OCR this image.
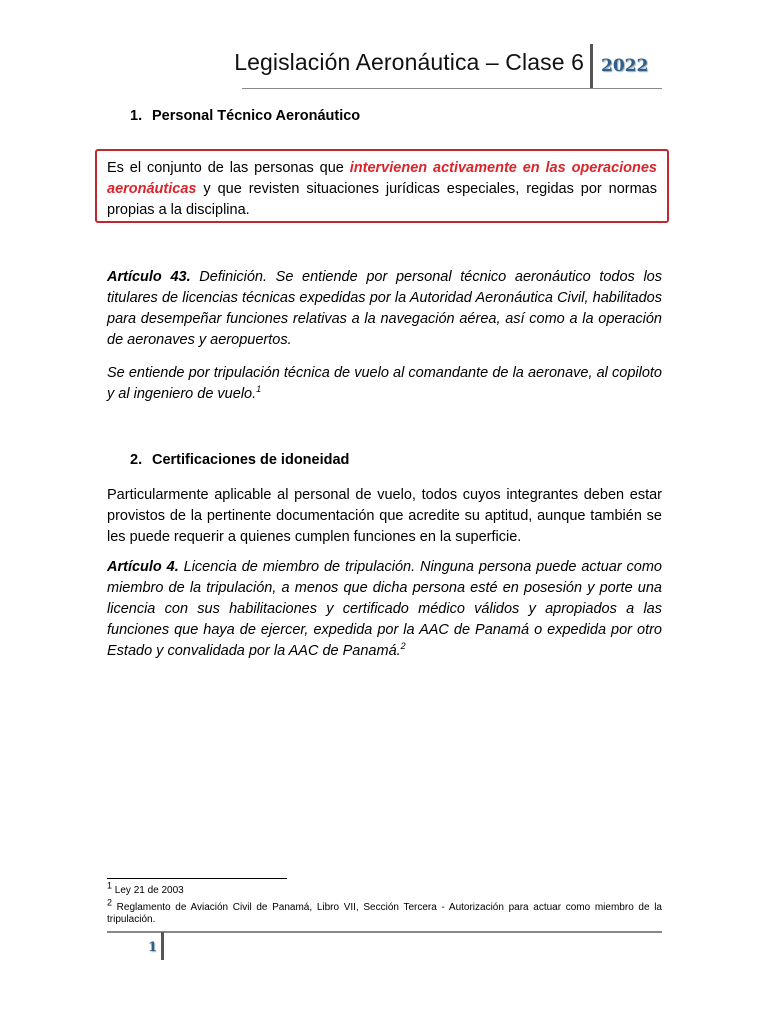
Legislación Aeronáutica – Clase 6 2022
1. Personal Técnico Aeronáutico
Es el conjunto de las personas que intervienen activamente en las operaciones aeronáuticas y que revisten situaciones jurídicas especiales, regidas por normas propias a la disciplina.

Artículo 43. Definición. Se entiende por personal técnico aeronáutico todos los titulares de licencias técnicas expedidas por la Autoridad Aeronáutica Civil, habilitados para desempeñar funciones relativas a la navegación aérea, así como a la operación de aeronaves y aeropuertos.

Se entiende por tripulación técnica de vuelo al comandante de la aeronave, al copiloto y al ingeniero de vuelo.$^1$

2. Certificaciones de idoneidad

Particularmente aplicable al personal de vuelo, todos cuyos integrantes deben estar provistos de la pertinente documentación que acredite su aptitud, aunque también se les puede requerir a quienes cumplen funciones en la superficie.

Artículo 4. Licencia de miembro de tripulación. Ninguna persona puede actuar como miembro de la tripulación, a menos que dicha persona esté en posesión y porte una licencia con sus habilitaciones y certificado médico válidos y apropiados a las funciones que haya de ejercer, expedida por la AAC de Panamá o expedida por otro Estado y convalidada por la AAC de Panamá.$^2$

$^1$ Ley 21 de 2003

$^2$ Reglamento de Aviación Civil de Panamá, Libro VII, Sección Tercera - Autorización para actuar como miembro de la tripulación.

1
